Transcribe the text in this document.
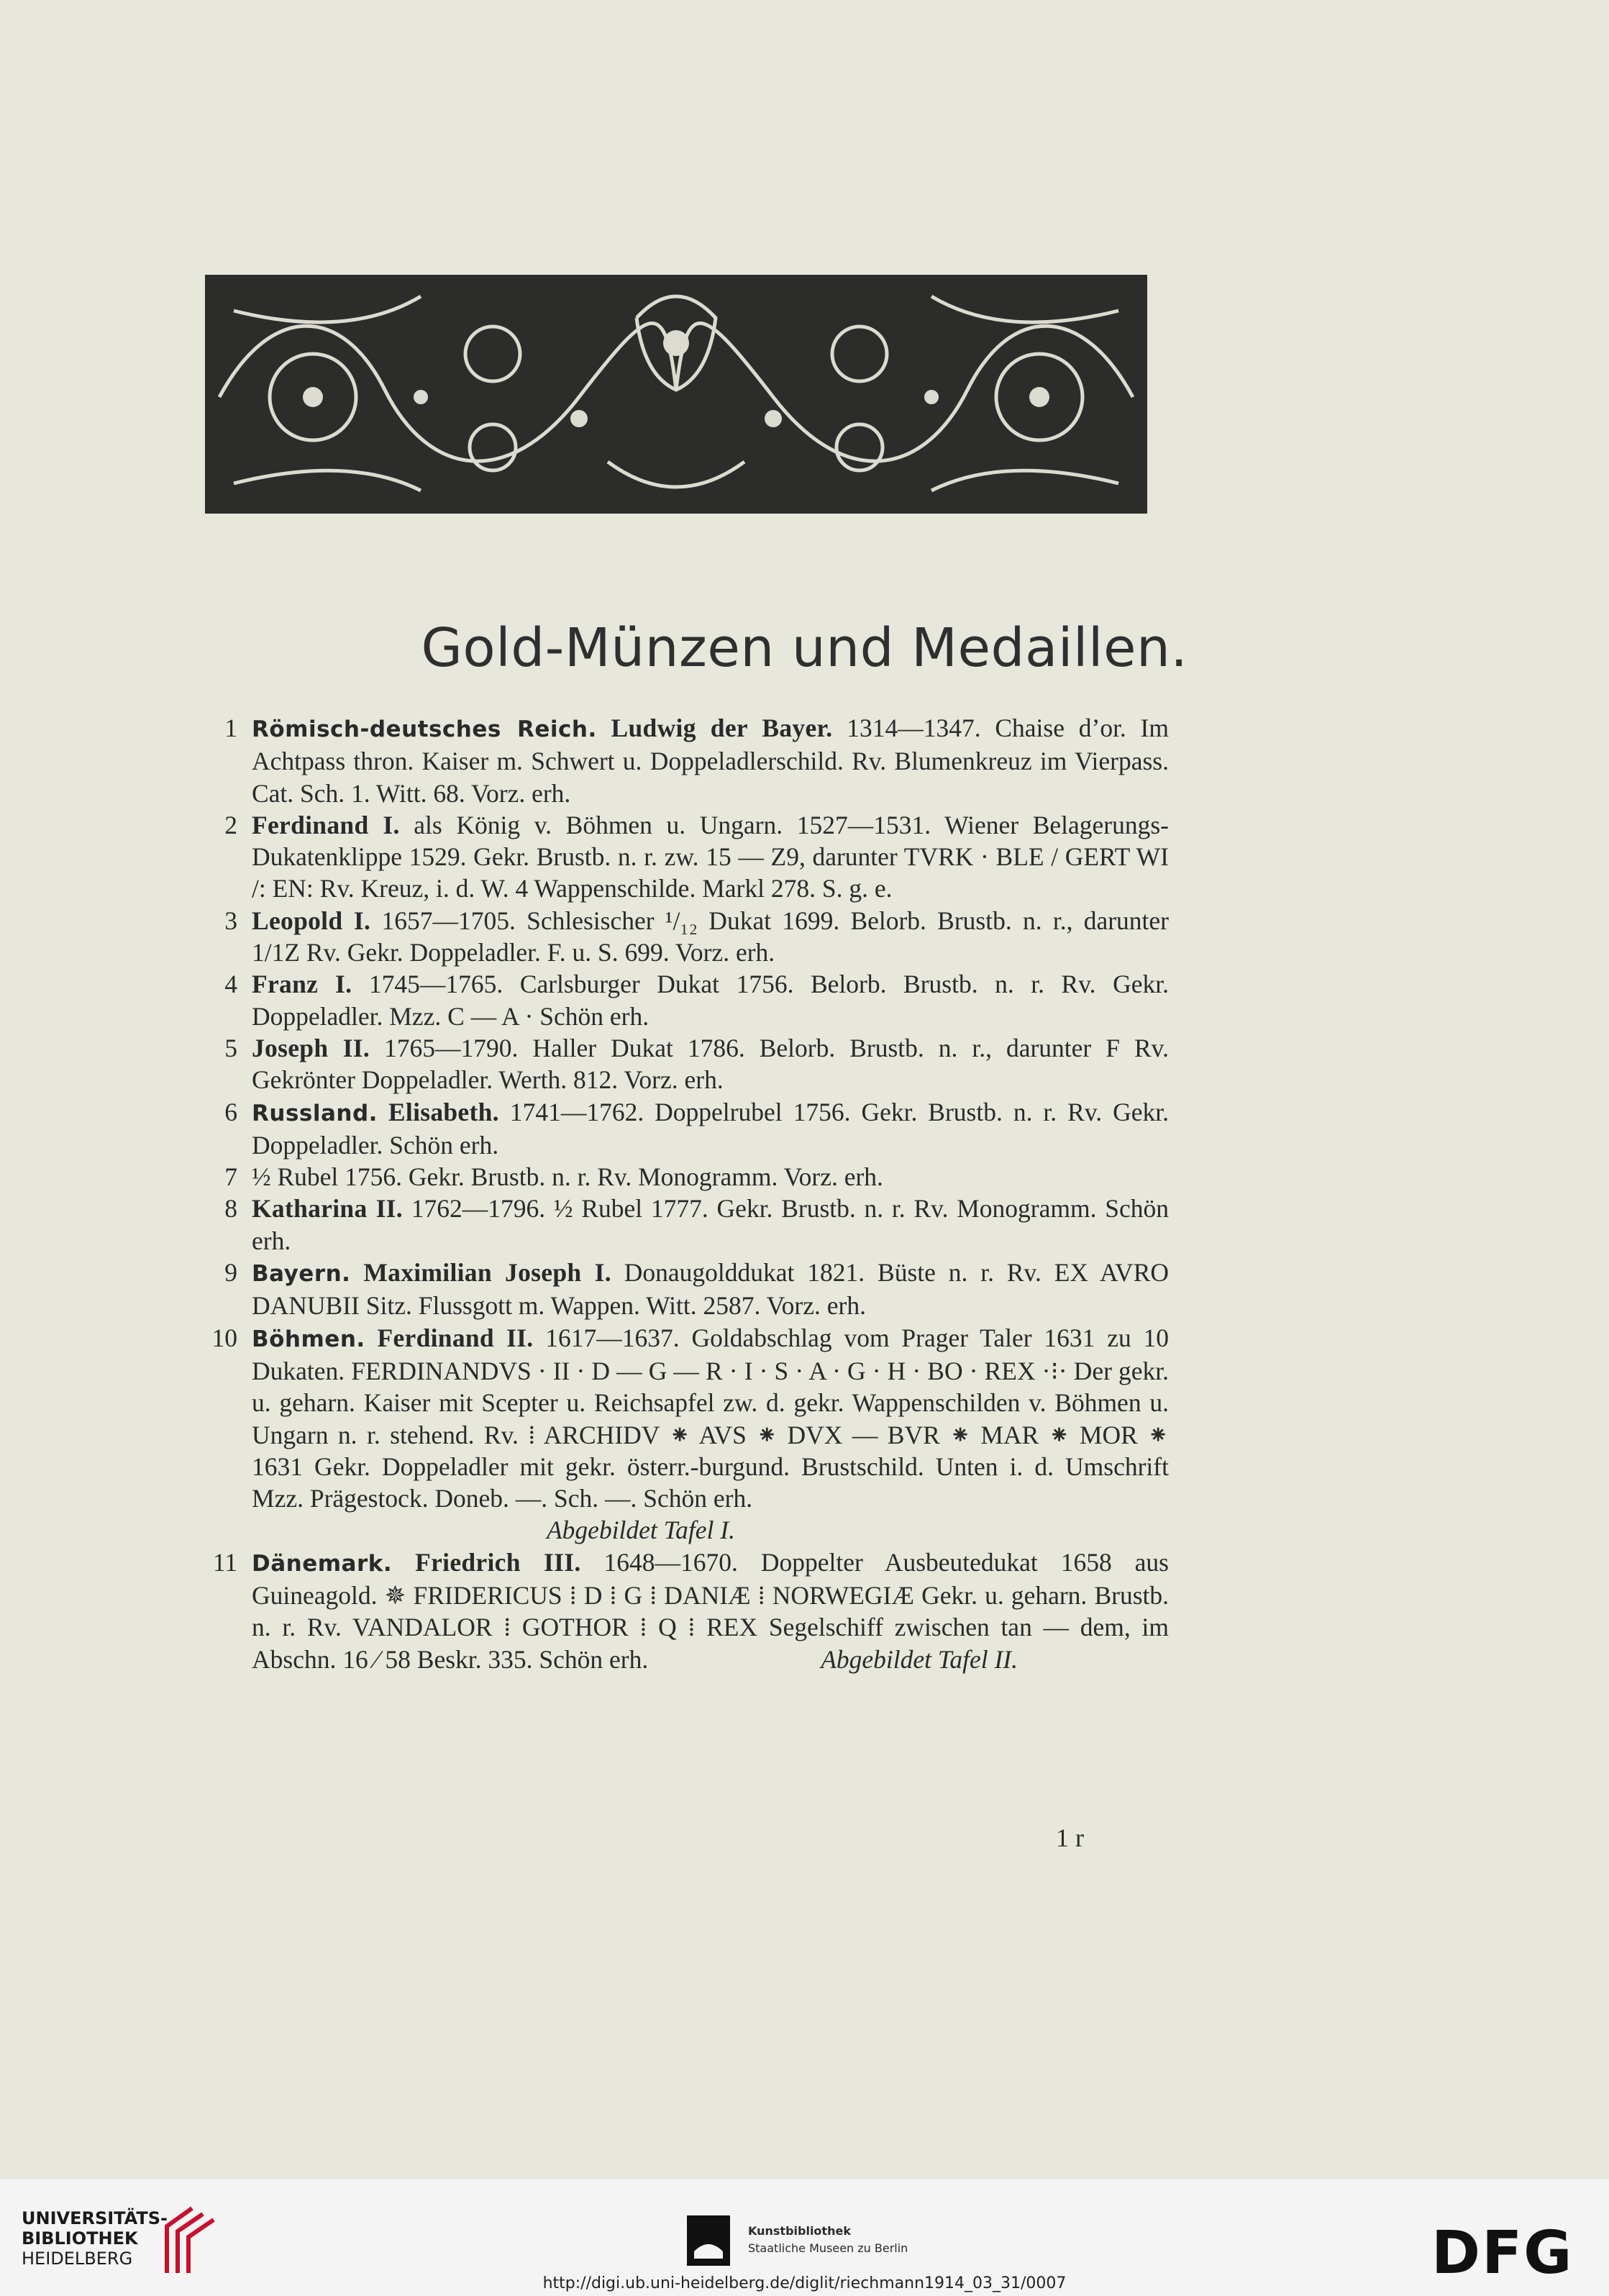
Gold-Münzen und Medaillen.
1 Römisch-deutsches Reich. Ludwig der Bayer. 1314—1347. Chaise d’or. Im Achtpass thron. Kaiser m. Schwert u. Doppeladlerschild. Rv. Blumenkreuz im Vierpass. Cat. Sch. 1. Witt. 68. Vorz. erh.
2 Ferdinand I. als König v. Böhmen u. Ungarn. 1527—1531. Wiener Belagerungs-Dukatenklippe 1529. Gekr. Brustb. n. r. zw. 15 — Z9, darunter TVRK · BLE / GERT WI /: EN: Rv. Kreuz, i. d. W. 4 Wappenschilde. Markl 278. S. g. e.
3 Leopold I. 1657—1705. Schlesischer ¹/₁₂ Dukat 1699. Belorb. Brustb. n. r., darunter 1/1Z Rv. Gekr. Doppeladler. F. u. S. 699. Vorz. erh.
4 Franz I. 1745—1765. Carlsburger Dukat 1756. Belorb. Brustb. n. r. Rv. Gekr. Doppeladler. Mzz. C — A · Schön erh.
5 Joseph II. 1765—1790. Haller Dukat 1786. Belorb. Brustb. n. r., darunter F Rv. Gekrönter Doppeladler. Werth. 812. Vorz. erh.
6 Russland. Elisabeth. 1741—1762. Doppelrubel 1756. Gekr. Brustb. n. r. Rv. Gekr. Doppeladler. Schön erh.
7 ½ Rubel 1756. Gekr. Brustb. n. r. Rv. Monogramm. Vorz. erh.
8 Katharina II. 1762—1796. ½ Rubel 1777. Gekr. Brustb. n. r. Rv. Monogramm. Schön erh.
9 Bayern. Maximilian Joseph I. Donaugolddukat 1821. Büste n. r. Rv. EX AVRO DANUBII Sitz. Flussgott m. Wappen. Witt. 2587. Vorz. erh.
10 Böhmen. Ferdinand II. 1617—1637. Goldabschlag vom Prager Taler 1631 zu 10 Dukaten. FERDINANDVS · II · D — G — R · I · S · A · G · H · BO · REX ·⁝· Der gekr. u. geharn. Kaiser mit Scepter u. Reichsapfel zw. d. gekr. Wappenschilden v. Böhmen u. Ungarn n. r. stehend. Rv. ⁞ ARCHIDV ⁕ AVS ⁕ DVX — BVR ⁕ MAR ⁕ MOR ⁕ 1631 Gekr. Doppeladler mit gekr. österr.-burgund. Brustschild. Unten i. d. Umschrift Mzz. Prägestock. Doneb. —. Sch. —. Schön erh.
Abgebildet Tafel I.
11 Dänemark. Friedrich III. 1648—1670. Doppelter Ausbeutedukat 1658 aus Guineagold. ✵ FRIDERICUS ⁞ D ⁞ G ⁞ DANIÆ ⁞ NORWEGIÆ Gekr. u. geharn. Brustb. n. r. Rv. VANDALOR ⁞ GOTHOR ⁞ Q ⁞ REX Segelschiff zwischen tan — dem, im Abschn. 16 ⁄ 58 Beskr. 335. Schön erh.	Abgebildet Tafel II.
1 r
UNIVERSITÄTS-
BIBLIOTHEK
HEIDELBERG
Kunstbibliothek
Staatliche Museen zu Berlin	DFG
http://digi.ub.uni-heidelberg.de/diglit/riechmann1914_03_31/0007
